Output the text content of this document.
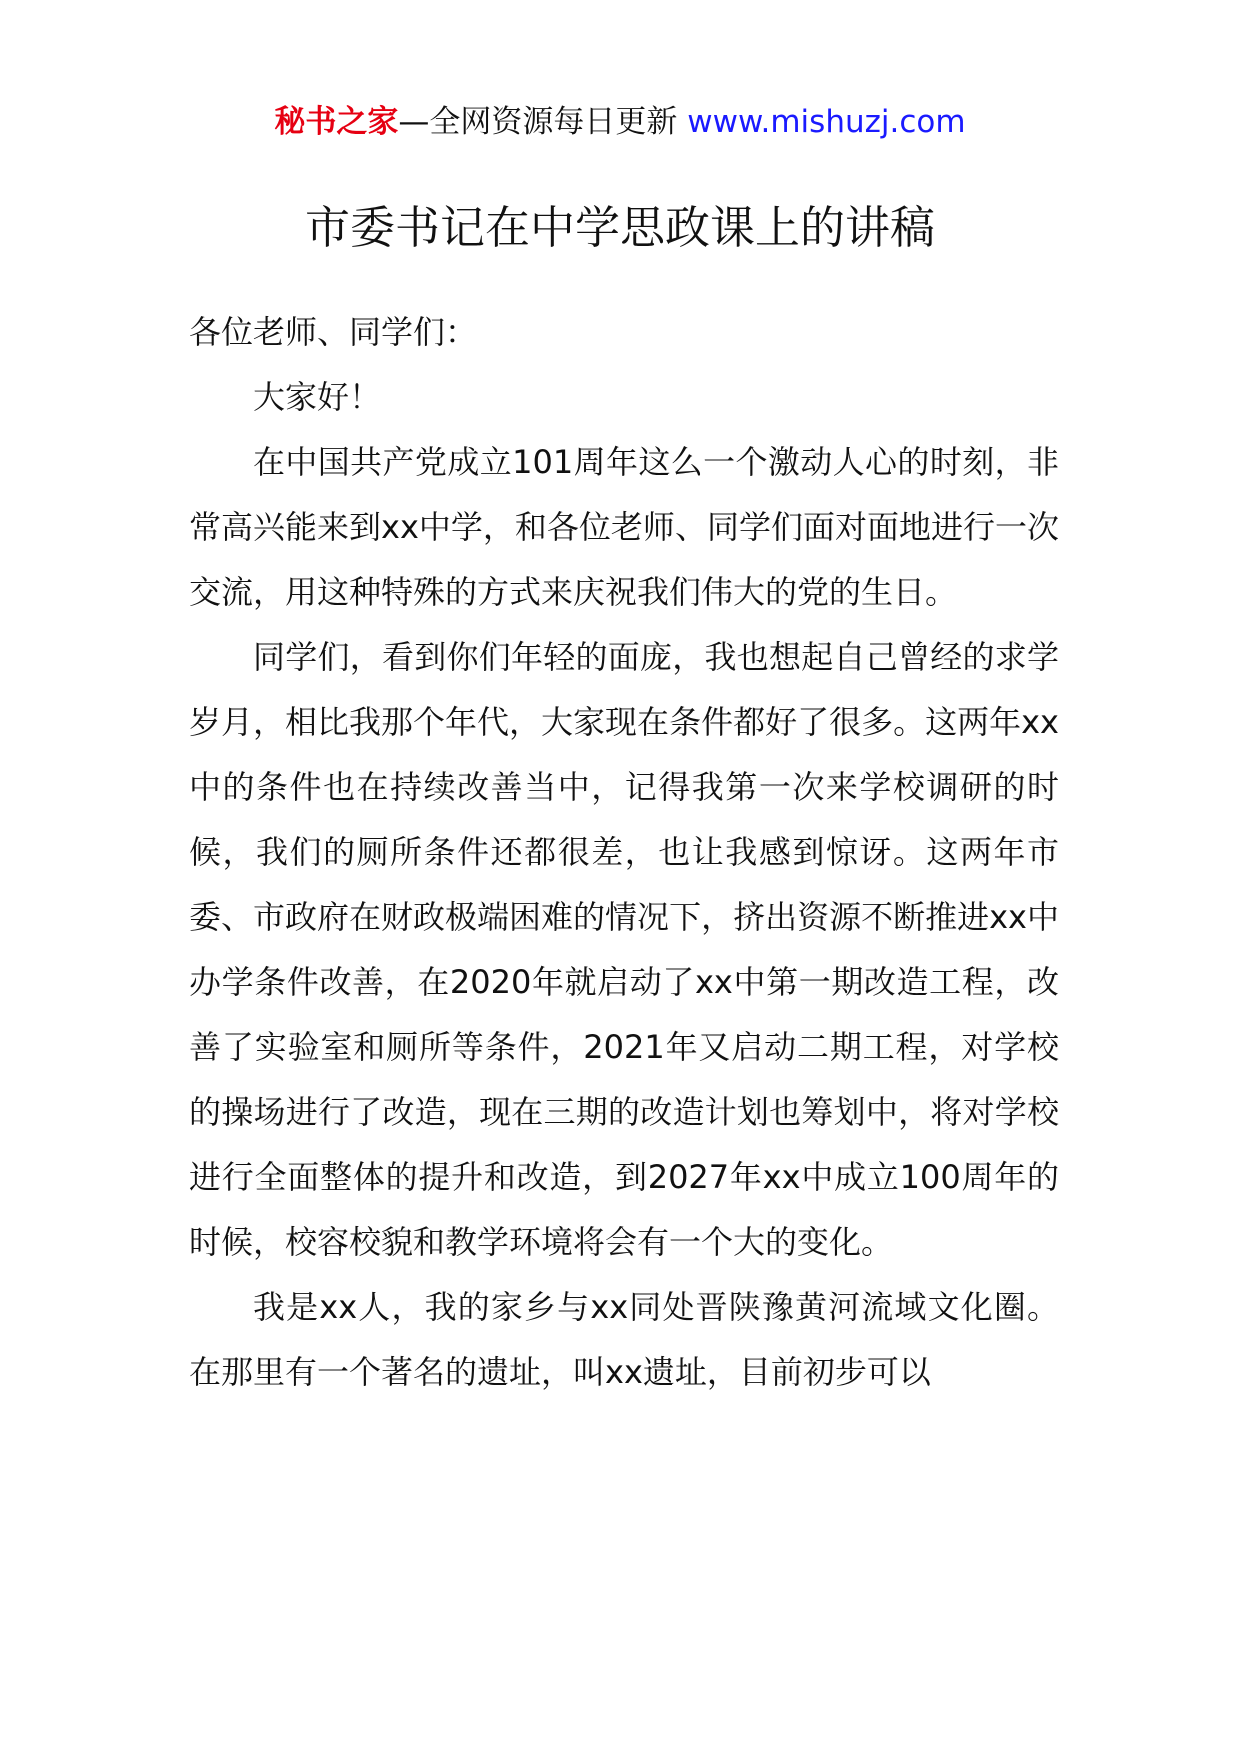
秘书之家—全网资源每日更新 www.mishuzj.com
市委书记在中学思政课上的讲稿

各位老师、同学们：

大家好！

在中国共产党成立101周年这么一个激动人心的时刻，非常高兴能来到xx中学，和各位老师、同学们面对面地进行一次交流，用这种特殊的方式来庆祝我们伟大的党的生日。

同学们，看到你们年轻的面庞，我也想起自己曾经的求学岁月，相比我那个年代，大家现在条件都好了很多。这两年xx中的条件也在持续改善当中，记得我第一次来学校调研的时候，我们的厕所条件还都很差，也让我感到惊讶。这两年市委、市政府在财政极端困难的情况下，挤出资源不断推进xx中办学条件改善，在2020年就启动了xx中第一期改造工程，改善了实验室和厕所等条件，2021年又启动二期工程，对学校的操场进行了改造，现在三期的改造计划也筹划中，将对学校进行全面整体的提升和改造，到2027年xx中成立100周年的时候，校容校貌和教学环境将会有一个大的变化。

我是xx人，我的家乡与xx同处晋陕豫黄河流域文化圈。在那里有一个著名的遗址，叫xx遗址，目前初步可以
